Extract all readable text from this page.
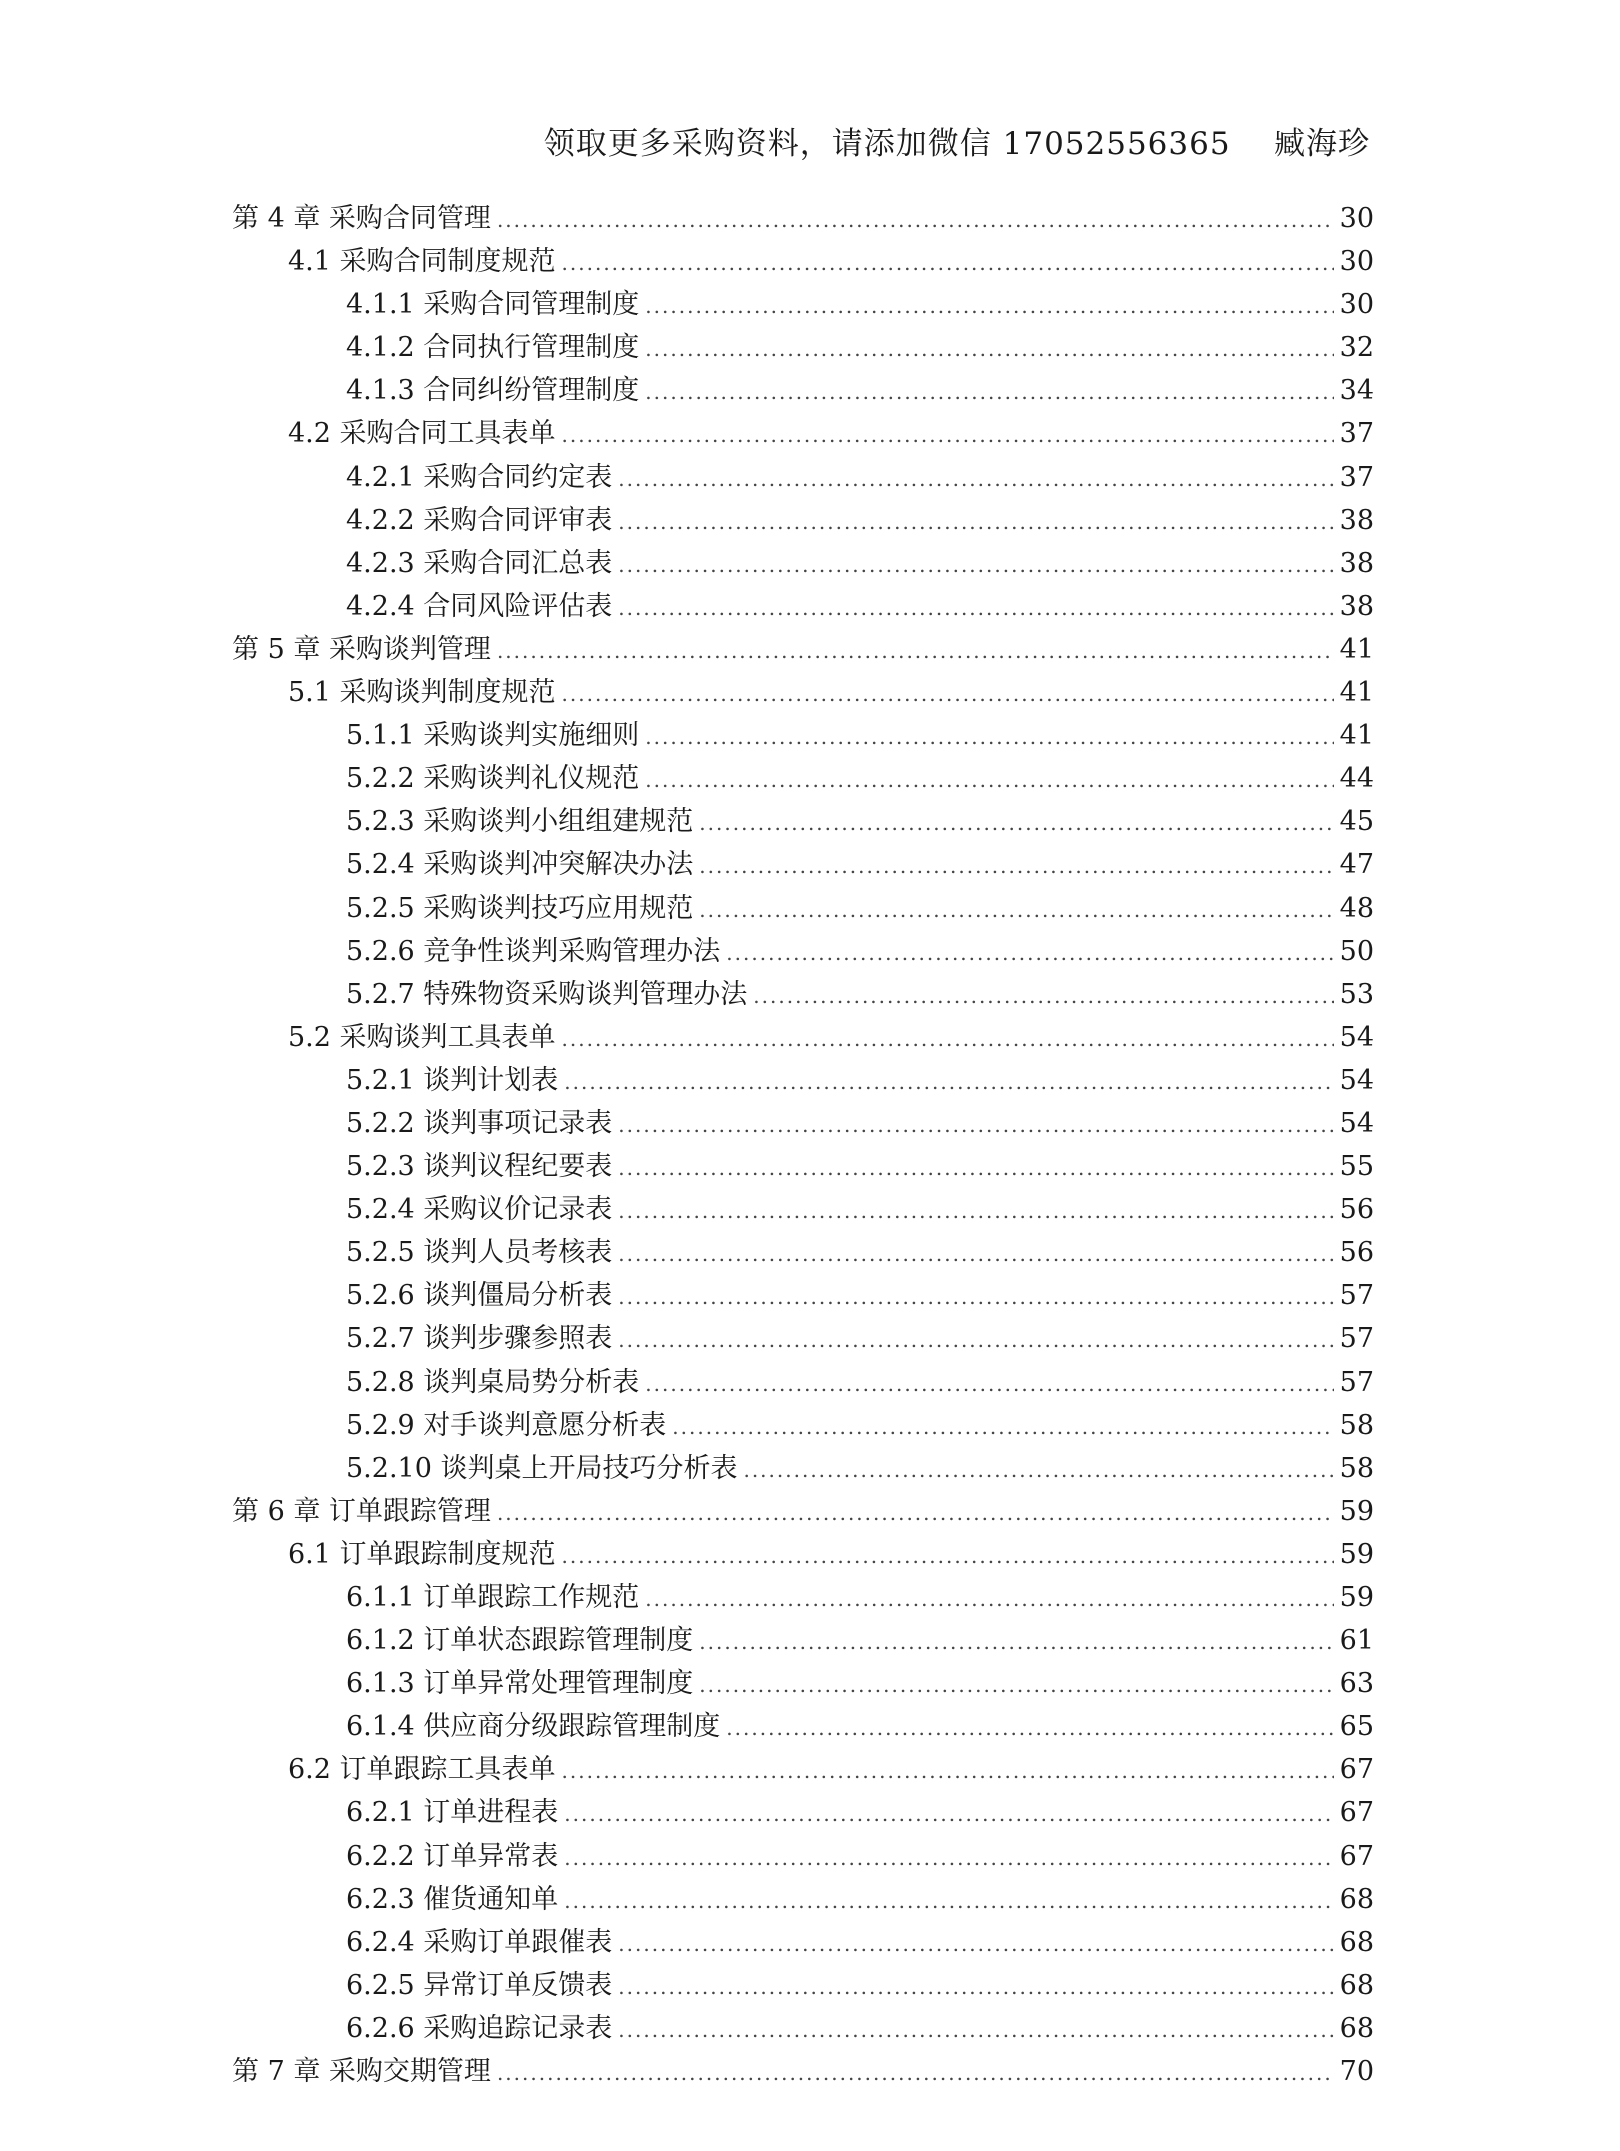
领取更多采购资料，请添加微信 17052556365    臧海珍
第 4 章 采购合同管理 .....	30
4.1 采购合同制度规范 .....	30
4.1.1 采购合同管理制度 .....	30
4.1.2 合同执行管理制度 .....	32
4.1.3 合同纠纷管理制度 .....	34
4.2 采购合同工具表单 .....	37
4.2.1 采购合同约定表 .....	37
4.2.2 采购合同评审表 .....	38
4.2.3 采购合同汇总表 .....	38
4.2.4 合同风险评估表 .....	38
第 5 章 采购谈判管理 .....	41
5.1 采购谈判制度规范 .....	41
5.1.1 采购谈判实施细则 .....	41
5.2.2 采购谈判礼仪规范 .....	44
5.2.3 采购谈判小组组建规范 .....	45
5.2.4 采购谈判冲突解决办法 .....	47
5.2.5 采购谈判技巧应用规范 .....	48
5.2.6 竞争性谈判采购管理办法 .....	50
5.2.7 特殊物资采购谈判管理办法 .....	53
5.2 采购谈判工具表单 .....	54
5.2.1 谈判计划表 .....	54
5.2.2 谈判事项记录表 .....	54
5.2.3 谈判议程纪要表 .....	55
5.2.4 采购议价记录表 .....	56
5.2.5 谈判人员考核表 .....	56
5.2.6 谈判僵局分析表 .....	57
5.2.7 谈判步骤参照表 .....	57
5.2.8 谈判桌局势分析表 .....	57
5.2.9 对手谈判意愿分析表 .....	58
5.2.10 谈判桌上开局技巧分析表 .....	58
第 6 章 订单跟踪管理 .....	59
6.1 订单跟踪制度规范 .....	59
6.1.1 订单跟踪工作规范 .....	59
6.1.2 订单状态跟踪管理制度 .....	61
6.1.3 订单异常处理管理制度 .....	63
6.1.4 供应商分级跟踪管理制度 .....	65
6.2 订单跟踪工具表单 .....	67
6.2.1 订单进程表 .....	67
6.2.2 订单异常表 .....	67
6.2.3 催货通知单 .....	68
6.2.4 采购订单跟催表 .....	68
6.2.5 异常订单反馈表 .....	68
6.2.6 采购追踪记录表 .....	68
第 7 章 采购交期管理 .....	70
